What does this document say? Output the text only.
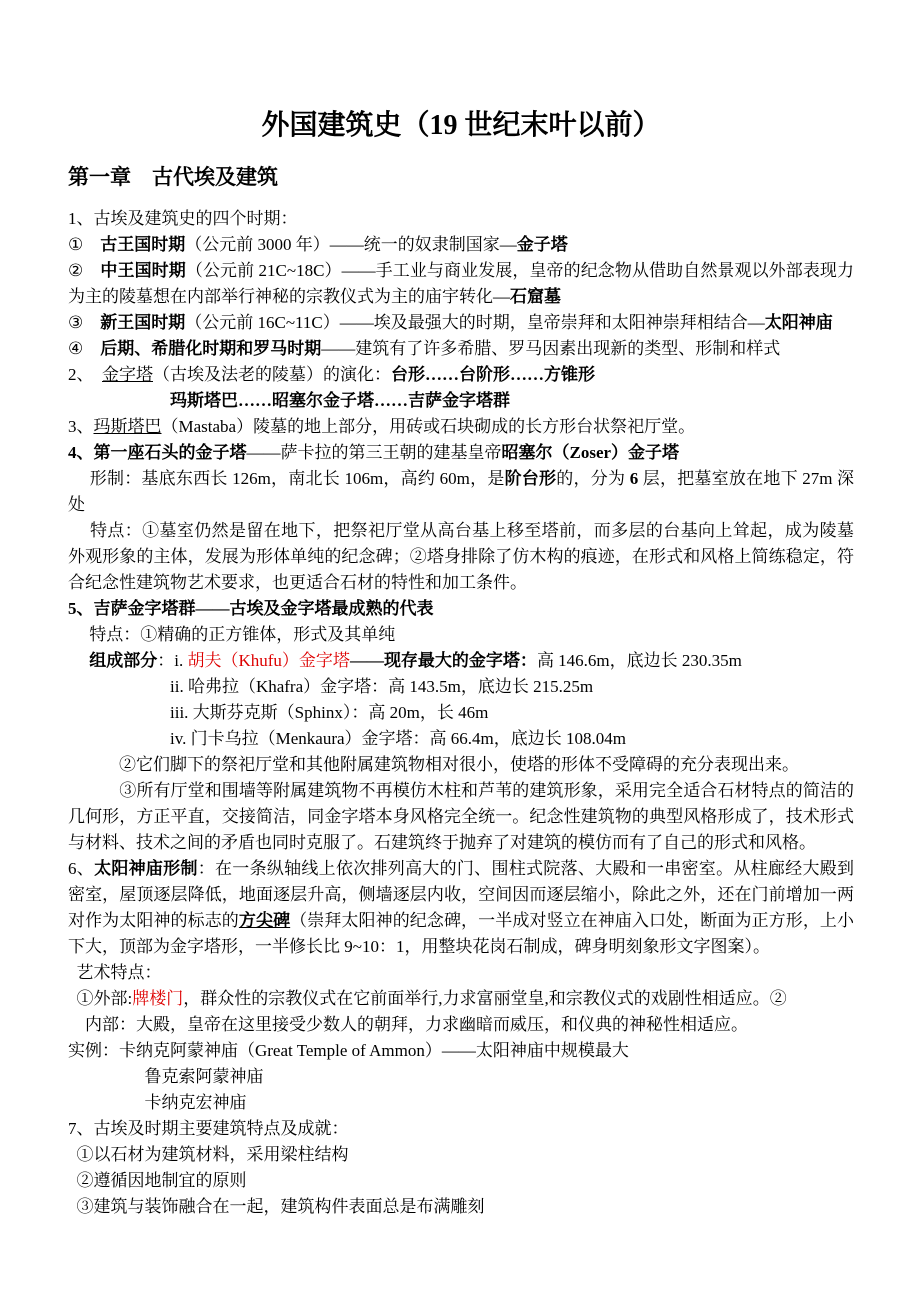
外国建筑史（19 世纪末叶以前）
第一章　古代埃及建筑
1、古埃及建筑史的四个时期：
①　古王国时期（公元前 3000 年）——统一的奴隶制国家—金子塔
②　中王国时期（公元前 21C~18C）——手工业与商业发展，皇帝的纪念物从借助自然景观以外部表现力为主的陵墓想在内部举行神秘的宗教仪式为主的庙宇转化—石窟墓
③　新王国时期（公元前 16C~11C）——埃及最强大的时期，皇帝崇拜和太阳神崇拜相结合—太阳神庙
④　后期、希腊化时期和罗马时期——建筑有了许多希腊、罗马因素出现新的类型、形制和样式
2、　金字塔（古埃及法老的陵墓）的演化：台形……台阶形……方锥形
　　　　　　玛斯塔巴……昭塞尔金子塔……吉萨金字塔群
3、玛斯塔巴（Mastaba）陵墓的地上部分，用砖或石块砌成的长方形台状祭祀厅堂。
4、第一座石头的金子塔——萨卡拉的第三王朝的建基皇帝昭塞尔（Zoser）金子塔
　 形制：基底东西长 126m，南北长 106m，高约 60m，是阶台形的，分为 6 层，把墓室放在地下 27m 深处
　 特点：①墓室仍然是留在地下，把祭祀厅堂从高台基上移至塔前，而多层的台基向上耸起，成为陵墓外观形象的主体，发展为形体单纯的纪念碑；②塔身排除了仿木构的痕迹，在形式和风格上简练稳定，符合纪念性建筑物艺术要求，也更适合石材的特性和加工条件。
5、吉萨金字塔群——古埃及金字塔最成熟的代表
　 特点：①精确的正方锥体，形式及其单纯
　 组成部分：i. 胡夫（Khufu）金字塔——现存最大的金字塔：高 146.6m，底边长 230.35m
　　　　　　ii. 哈弗拉（Khafra）金字塔：高 143.5m，底边长 215.25m
　　　　　　iii. 大斯芬克斯（Sphinx）：高 20m，长 46m
　　　　　　iv. 门卡乌拉（Menkaura）金字塔：高 66.4m，底边长 108.04m
　　　②它们脚下的祭祀厅堂和其他附属建筑物相对很小，使塔的形体不受障碍的充分表现出来。
　　　③所有厅堂和围墙等附属建筑物不再模仿木柱和芦苇的建筑形象，采用完全适合石材特点的简洁的几何形，方正平直，交接简洁，同金字塔本身风格完全统一。纪念性建筑物的典型风格形成了，技术形式与材料、技术之间的矛盾也同时克服了。石建筑终于抛弃了对建筑的模仿而有了自己的形式和风格。
6、太阳神庙形制：在一条纵轴线上依次排列高大的门、围柱式院落、大殿和一串密室。从柱廊经大殿到密室，屋顶逐层降低，地面逐层升高，侧墙逐层内收，空间因而逐层缩小，除此之外，还在门前增加一两对作为太阳神的标志的方尖碑（崇拜太阳神的纪念碑，一半成对竖立在神庙入口处，断面为正方形，上小下大，顶部为金字塔形，一半修长比 9~10：1，用整块花岗石制成，碑身明刻象形文字图案）。
 艺术特点：
 ①外部:牌楼门，群众性的宗教仪式在它前面举行,力求富丽堂皇,和宗教仪式的戏剧性相适应。②
  内部：大殿，皇帝在这里接受少数人的朝拜，力求幽暗而威压，和仪典的神秘性相适应。
实例：卡纳克阿蒙神庙（Great Temple of Ammon）——太阳神庙中规模最大
　　　　 鲁克索阿蒙神庙
　　　　 卡纳克宏神庙
7、古埃及时期主要建筑特点及成就：
 ①以石材为建筑材料，采用梁柱结构
 ②遵循因地制宜的原则
 ③建筑与装饰融合在一起，建筑构件表面总是布满雕刻
